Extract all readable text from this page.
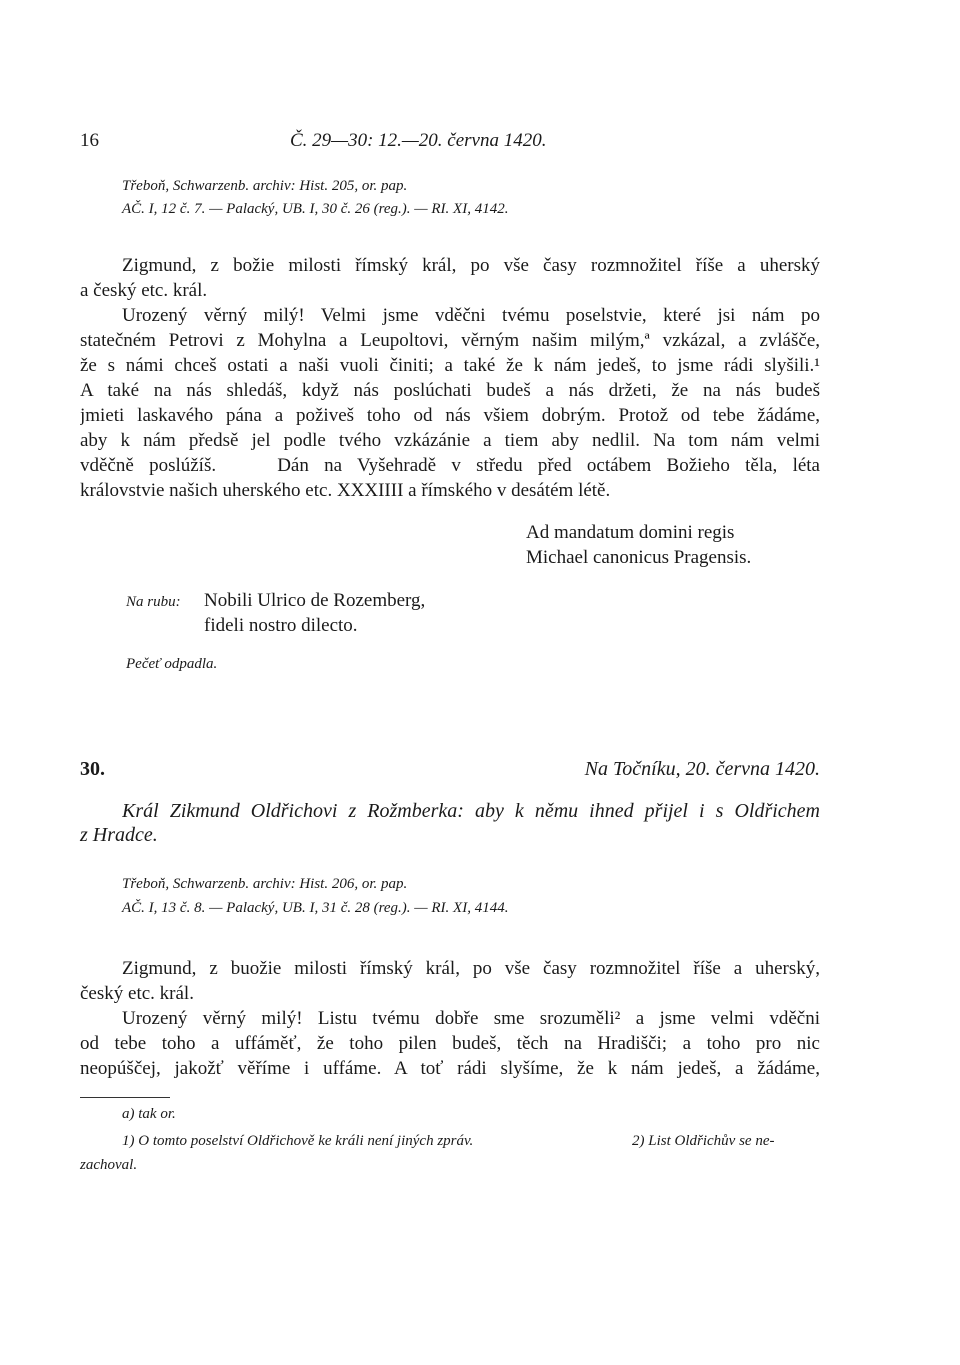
16	Č. 29—30: 12.—20. června 1420.
Třeboň, Schwarzenb. archiv: Hist. 205, or. pap.
AČ. I, 12 č. 7. — Palacký, UB. I, 30 č. 26 (reg.). — RI. XI, 4142.
Zigmund, z božie milosti římský král, po vše časy rozmnožitel říše a uherský
a český etc. král.
Urozený věrný milý! Velmi jsme vděčni tvému poselstvie, které jsi nám po
statečném Petrovi z Mohylna a Leupoltovi, věrným našim milým,ª vzkázal, a zvlášče,
že s námi chceš ostati a naši vuoli činiti; a také že k nám jedeš, to jsme rádi slyšili.¹
A také na nás shledáš, když nás poslúchati budeš a nás držeti, že na nás budeš
jmieti laskavého pána a poživeš toho od nás všiem dobrým. Protož od tebe žádáme,
aby k nám předsě jel podle tvého vzkázánie a tiem aby nedlil. Na tom nám velmi
vděčně poslúžíš.    Dán na Vyšehradě v středu před octábem Božieho těla, léta
královstvie našich uherského etc. XXXIIII a římského v desátém létě.
Ad mandatum domini regis
Michael canonicus Pragensis.
Na rubu: Nobili Ulrico de Rozemberg,
fideli nostro dilecto.
Pečeť odpadla.
30.	Na Točníku, 20. června 1420.
Král Zikmund Oldřichovi z Rožmberka: aby k němu ihned přijel i s Oldřichem
z Hradce.
Třeboň, Schwarzenb. archiv: Hist. 206, or. pap.
AČ. I, 13 č. 8. — Palacký, UB. I, 31 č. 28 (reg.). — RI. XI, 4144.
Zigmund, z buožie milosti římský král, po vše časy rozmnožitel říše a uherský,
český etc. král.
Urozený věrný milý! Listu tvému dobře sme srozuměli² a jsme velmi vděčni
od tebe toho a uffáměť, že toho pilen budeš, těch na Hradišči; a toho pro nic
neopúščej, jakožť věříme i uffáme. A toť rádi slyšíme, že k nám jedeš, a žádáme,
a) tak or.
1) O tomto poselství Oldřichově ke králi není jiných zpráv.	2) List Oldřichův se ne-
zachoval.
